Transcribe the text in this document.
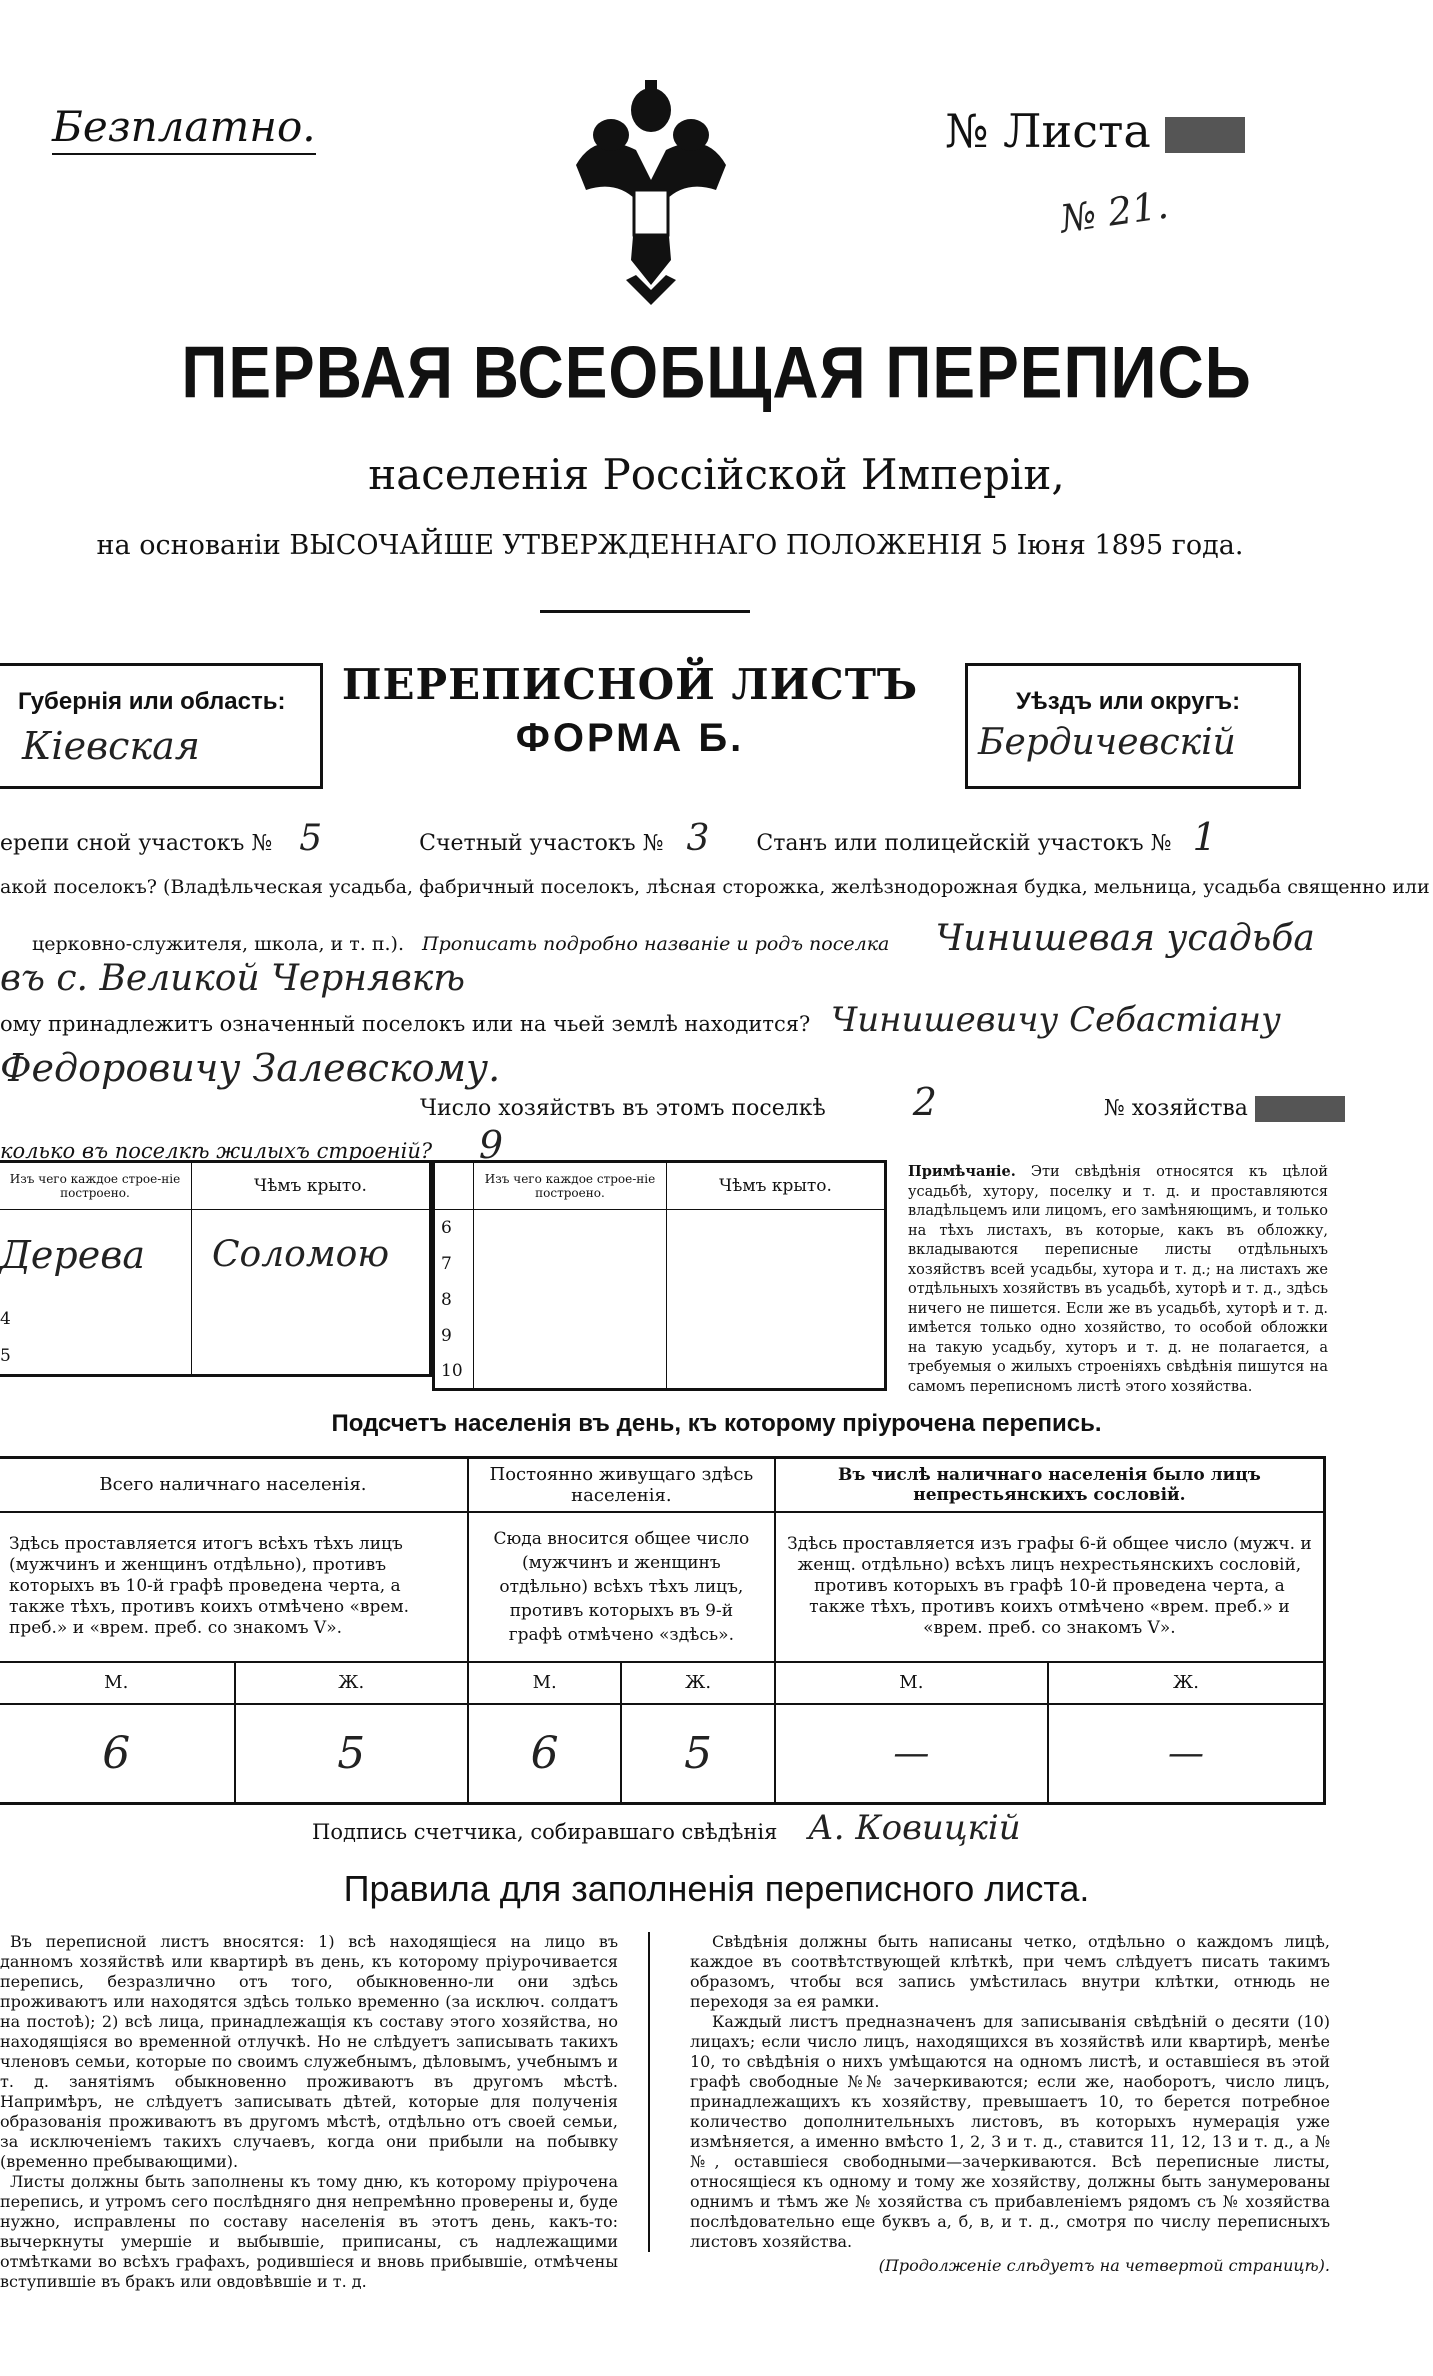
Безплатно.	№ Листа
№ 21.
ПЕРВАЯ ВСЕОБЩАЯ ПЕРЕПИСЬ
населенія Россійской Имперіи,
на основаніи ВЫСОЧАЙШЕ УТВЕРЖДЕННАГО ПОЛОЖЕНІЯ 5 Іюня 1895 года.
Губернія или область:
Кіевская
ПЕРЕПИСНОЙ ЛИСТЪ
ФОРМА Б.
Уѣздъ или округъ:
Бердичевскій
ерепи сной участокъ № 5	Счетный участокъ № 3 Станъ или полицейскій участокъ № 1
акой поселокъ? (Владѣльческая усадьба, фабричный поселокъ, лѣсная сторожка, желѣзнодорожная будка, мельница, усадьба священно или
церковно-служителя, школа, и т. п.). Прописать подробно названіе и родъ поселка Чинишевая усадьба
въ с. Великой Чернявкѣ
ому принадлежитъ означенный поселокъ или на чьей землѣ находится? Чинишевичу Себастіану
Федоровичу Залевскому.
Число хозяйствъ въ этомъ поселкѣ 2	№ хозяйства
колько въ поселкѣ жилыхъ строеній? 9
Изъ чего каждое строе-ніе построено.	Чѣмъ крыто.
Дерева	Соломою
4	
5	
	Изъ чего каждое строе-ніе построено.	Чѣмъ крыто.
6		
7		
8		
9		
10		
Примѣчаніе. Эти свѣдѣнія относятся къ цѣлой усадьбѣ, хутору, поселку и т. д. и проставляются владѣльцемъ или лицомъ, его замѣняющимъ, и только на тѣхъ листахъ, въ которые, какъ въ обложку, вкладываются переписные листы отдѣльныхъ хозяйствъ всей усадьбы, хутора и т. д.; на листахъ же отдѣльныхъ хозяйствъ въ усадьбѣ, хуторѣ и т. д., здѣсь ничего не пишется. Если же въ усадьбѣ, хуторѣ и т. д. имѣется только одно хозяйство, то особой обложки на такую усадьбу, хуторъ и т. д. не полагается, а требуемыя о жилыхъ строеніяхъ свѣдѣнія пишутся на самомъ переписномъ листѣ этого хозяйства.
Подсчетъ населенія въ день, къ которому пріурочена перепись.
Всего наличнаго населенія.		Постоянно живущаго здѣсь населенія.		Въ числѣ наличнаго населенія было лицъ непрестьянскихъ сословій.	
Здѣсь проставляется итогъ всѣхъ тѣхъ лицъ (мужчинъ и женщинъ отдѣльно), противъ которыхъ въ 10-й графѣ проведена черта, а также тѣхъ, противъ коихъ отмѣчено «врем. преб.» и «врем. преб. со знакомъ V».		Сюда вносится общее число (мужчинъ и женщинъ отдѣльно) всѣхъ тѣхъ лицъ, противъ которыхъ въ 9-й графѣ отмѣчено «здѣсь».		Здѣсь проставляется изъ графы 6-й общее число (мужч. и женщ. отдѣльно) всѣхъ лицъ нехрестьянскихъ сословій, противъ которыхъ въ графѣ 10-й проведена черта, а также тѣхъ, противъ коихъ отмѣчено «врем. преб.» и «врем. преб. со знакомъ V».	
М.	Ж.	М.	Ж.	М.	Ж.
6	5	6	5	—	—
Подпись счетчика, собиравшаго свѣдѣнія А. Ковицкій
Правила для заполненія переписного листа.

Въ переписной листъ вносятся: 1) всѣ находящіеся на лицо въ данномъ хозяйствѣ или квартирѣ въ день, къ которому пріурочивается перепись, безразлично отъ того, обыкновенно-ли они здѣсь проживаютъ или находятся здѣсь только временно (за исключ. солдатъ на постоѣ); 2) всѣ лица, принадлежащія къ составу этого хозяйства, но находящіяся во временной отлучкѣ. Но не слѣдуетъ записывать такихъ членовъ семьи, которые по своимъ служебнымъ, дѣловымъ, учебнымъ и т. д. занятіямъ обыкновенно проживаютъ въ другомъ мѣстѣ. Напримѣръ, не слѣдуетъ записывать дѣтей, которые для полученія образованія проживаютъ въ другомъ мѣстѣ, отдѣльно отъ своей семьи, за исключеніемъ такихъ случаевъ, когда они прибыли на побывку (временно пребывающими).

Листы должны быть заполнены къ тому дню, къ которому пріурочена перепись, и утромъ сего послѣдняго дня непремѣнно проверены и, буде нужно, исправлены по составу населенія въ этотъ день, какъ-то: вычеркнуты умершіе и выбывшіе, приписаны, съ надлежащими отмѣтками во всѣхъ графахъ, родившіеся и вновь прибывшіе, отмѣчены вступившіе въ бракъ или овдовѣвшіе и т. д.

Свѣдѣнія должны быть написаны четко, отдѣльно о каждомъ лицѣ, каждое въ соотвѣтствующей клѣткѣ, при чемъ слѣдуетъ писать такимъ образомъ, чтобы вся запись умѣстилась внутри клѣтки, отнюдь не переходя за ея рамки.

Каждый листъ предназначенъ для записыванія свѣдѣній о десяти (10) лицахъ; если число лицъ, находящихся въ хозяйствѣ или квартирѣ, менѣе 10, то свѣдѣнія о нихъ умѣщаются на одномъ листѣ, и оставшіеся въ этой графѣ свободные №№ зачеркиваются; если же, наоборотъ, число лицъ, принадлежащихъ къ хозяйству, превышаетъ 10, то берется потребное количество дополнительныхъ листовъ, въ которыхъ нумерація уже измѣняется, а именно вмѣсто 1, 2, 3 и т. д., ставится 11, 12, 13 и т. д., а №№, оставшіеся свободными—зачеркиваются. Всѣ переписные листы, относящіеся къ одному и тому же хозяйству, должны быть занумерованы однимъ и тѣмъ же № хозяйства съ прибавленіемъ рядомъ съ № хозяйства послѣдовательно еще буквъ а, б, в, и т. д., смотря по числу переписныхъ листовъ хозяйства.

(Продолженіе слѣдуетъ на четвертой страницѣ).
